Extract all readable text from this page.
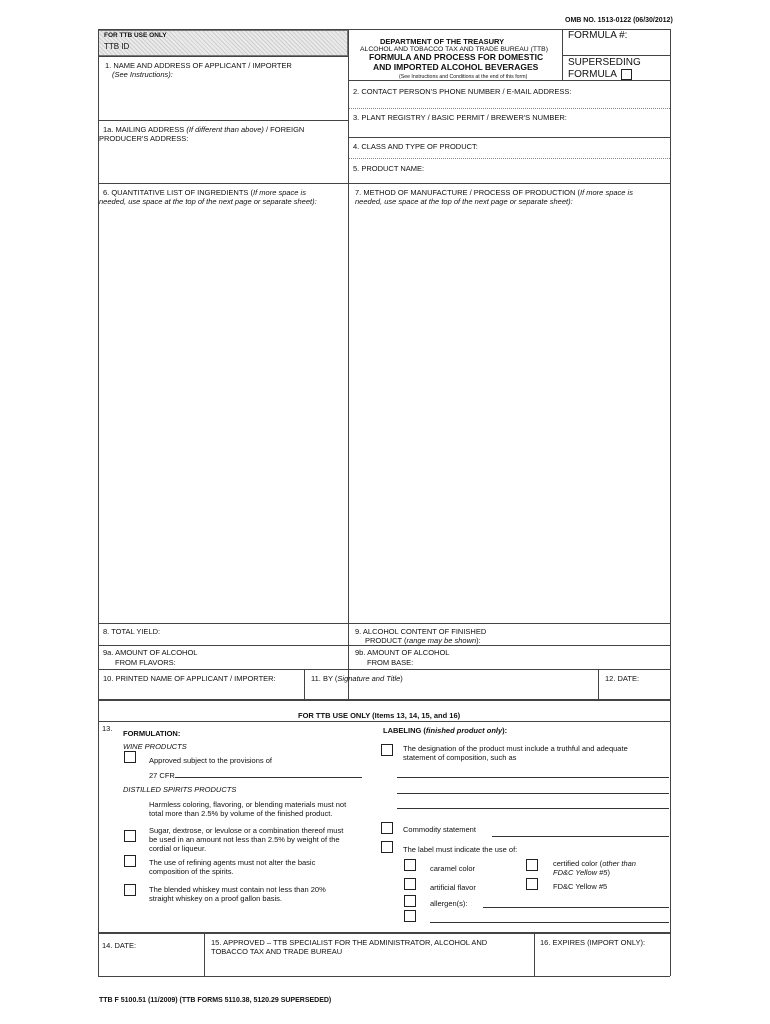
OMB NO. 1513-0122 (06/30/2012)
FOR TTB USE ONLY
TTB ID
DEPARTMENT OF THE TREASURY
ALCOHOL AND TOBACCO TAX AND TRADE BUREAU (TTB)
FORMULA AND PROCESS FOR DOMESTIC
AND IMPORTED ALCOHOL BEVERAGES
(See Instructions and Conditions at the end of this form)
FORMULA #:
SUPERSEDING
FORMULA
1. NAME AND ADDRESS OF APPLICANT / IMPORTER
(See Instructions):
2. CONTACT PERSON'S PHONE NUMBER / E-MAIL ADDRESS:
3. PLANT REGISTRY / BASIC PERMIT / BREWER'S NUMBER:
1a. MAILING ADDRESS (If different than above) / FOREIGN
PRODUCER'S ADDRESS:
4. CLASS AND TYPE OF PRODUCT:
5. PRODUCT NAME:
6. QUANTITATIVE LIST OF INGREDIENTS (If more space is
needed, use space at the top of the next page or separate sheet):
7. METHOD OF MANUFACTURE / PROCESS OF PRODUCTION (If more space is
needed, use space at the top of the next page or separate sheet):
8. TOTAL YIELD:	9. ALCOHOL CONTENT OF FINISHED
PRODUCT (range may be shown):
9a. AMOUNT OF ALCOHOL
FROM FLAVORS:
9b. AMOUNT OF ALCOHOL
FROM BASE:
10. PRINTED NAME OF APPLICANT / IMPORTER:	11. BY (Signature and Title)	12. DATE:
FOR TTB USE ONLY (Items 13, 14, 15, and 16)
13.
FORMULATION:	LABELING (finished product only):
WINE PRODUCTS
Approved subject to the provisions of
27 CFR
DISTILLED SPIRITS PRODUCTS
Harmless coloring, flavoring, or blending materials must not
total more than 2.5% by volume of the finished product.
Sugar, dextrose, or levulose or a combination thereof must
be used in an amount not less than 2.5% by weight of the
cordial or liqueur.
The use of refining agents must not alter the basic
composition of the spirits.
The blended whiskey must contain not less than 20%
straight whiskey on a proof gallon basis.
The designation of the product must include a truthful and adequate
statement of composition, such as
Commodity statement
The label must indicate the use of:
caramel color
certified color (other than
FD&C Yellow #5)
artificial flavor	FD&C Yellow #5
allergen(s):
14. DATE:	15. APPROVED – TTB SPECIALIST FOR THE ADMINISTRATOR, ALCOHOL AND
TOBACCO TAX AND TRADE BUREAU
16. EXPIRES (IMPORT ONLY):
TTB F 5100.51 (11/2009) (TTB FORMS 5110.38, 5120.29 SUPERSEDED)
